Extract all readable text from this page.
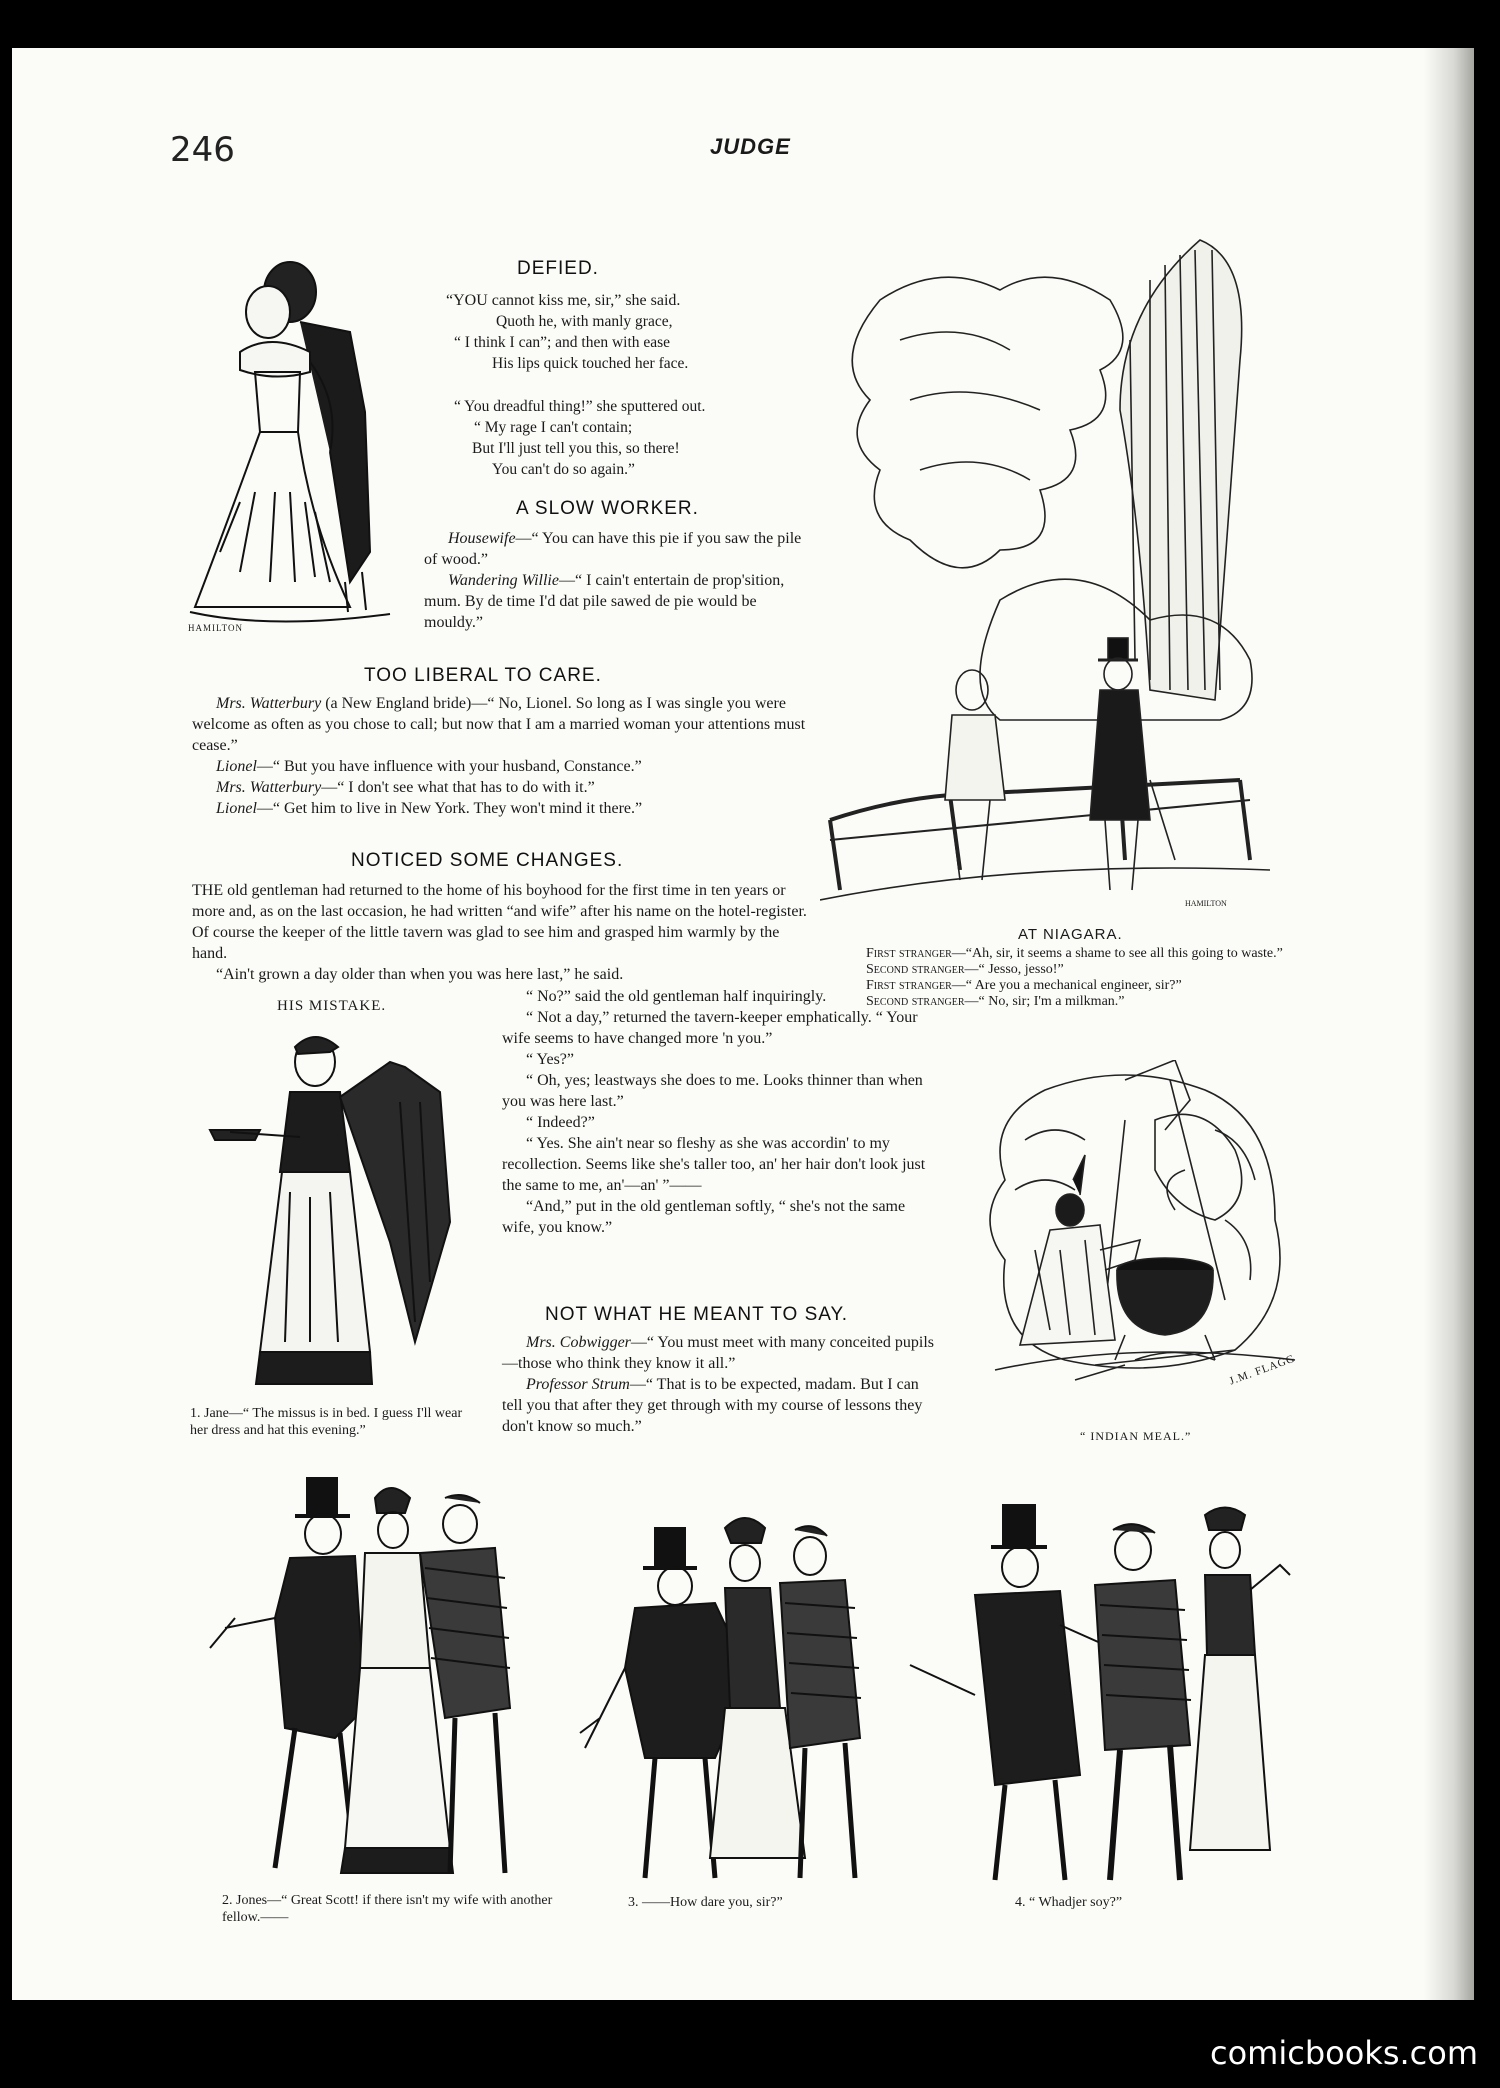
246	JUDGE
HAMILTON
DEFIED.

“YOU cannot kiss me, sir,” she said.

Quoth he, with manly grace,

“ I think I can”; and then with ease

His lips quick touched her face.

“ You dreadful thing!” she sputtered out.

“ My rage I can't contain;

But I'll just tell you this, so there!

You can't do so again.”

A SLOW WORKER.

Housewife—“ You can have this pie if you saw the pile of wood.”

Wandering Willie—“ I cain't entertain de prop'sition, mum. By de time I'd dat pile sawed de pie would be mouldy.”

TOO LIBERAL TO CARE.

Mrs. Watterbury (a New England bride)—“ No, Lionel. So long as I was single you were welcome as often as you chose to call; but now that I am a married woman your attentions must cease.”

Lionel—“ But you have influence with your husband, Constance.”

Mrs. Watterbury—“ I don't see what that has to do with it.”

Lionel—“ Get him to live in New York. They won't mind it there.”

NOTICED SOME CHANGES.

THE old gentleman had returned to the home of his boyhood for the first time in ten years or more and, as on the last occasion, he had written “and wife” after his name on the hotel-register. Of course the keeper of the little tavern was glad to see him and grasped him warmly by the hand.

“Ain't grown a day older than when you was here last,” he said.

“ No?” said the old gentleman half inquiringly.

“ Not a day,” returned the tavern-keeper emphatically. “ Your wife seems to have changed more 'n you.”

“ Yes?”

“ Oh, yes; leastways she does to me. Looks thinner than when you was here last.”

“ Indeed?”

“ Yes. She ain't near so fleshy as she was accordin' to my recollection. Seems like she's taller too, an' her hair don't look just the same to me, an'—an' ”——

“And,” put in the old gentleman softly, “ she's not the same wife, you know.”

HIS MISTAKE.
1. Jane—“ The missus is in bed. I guess I'll wear her dress and hat this evening.”
NOT WHAT HE MEANT TO SAY.

Mrs. Cobwigger—“ You must meet with many conceited pupils—those who think they know it all.”

Professor Strum—“ That is to be expected, madam. But I can tell you that after they get through with my course of lessons they don't know so much.”

HAMILTON
AT NIAGARA.

First stranger—“Ah, sir, it seems a shame to see all this going to waste.”

Second stranger—“ Jesso, jesso!”

First stranger—“ Are you a mechanical engineer, sir?”

Second stranger—“ No, sir; I'm a milkman.”

J.M. FLAGG
“ INDIAN MEAL.”
2. Jones—“ Great Scott! if there isn't my wife with another fellow.——
3. ——How dare you, sir?”	4. “ Whadjer soy?”
comicbooks.com
